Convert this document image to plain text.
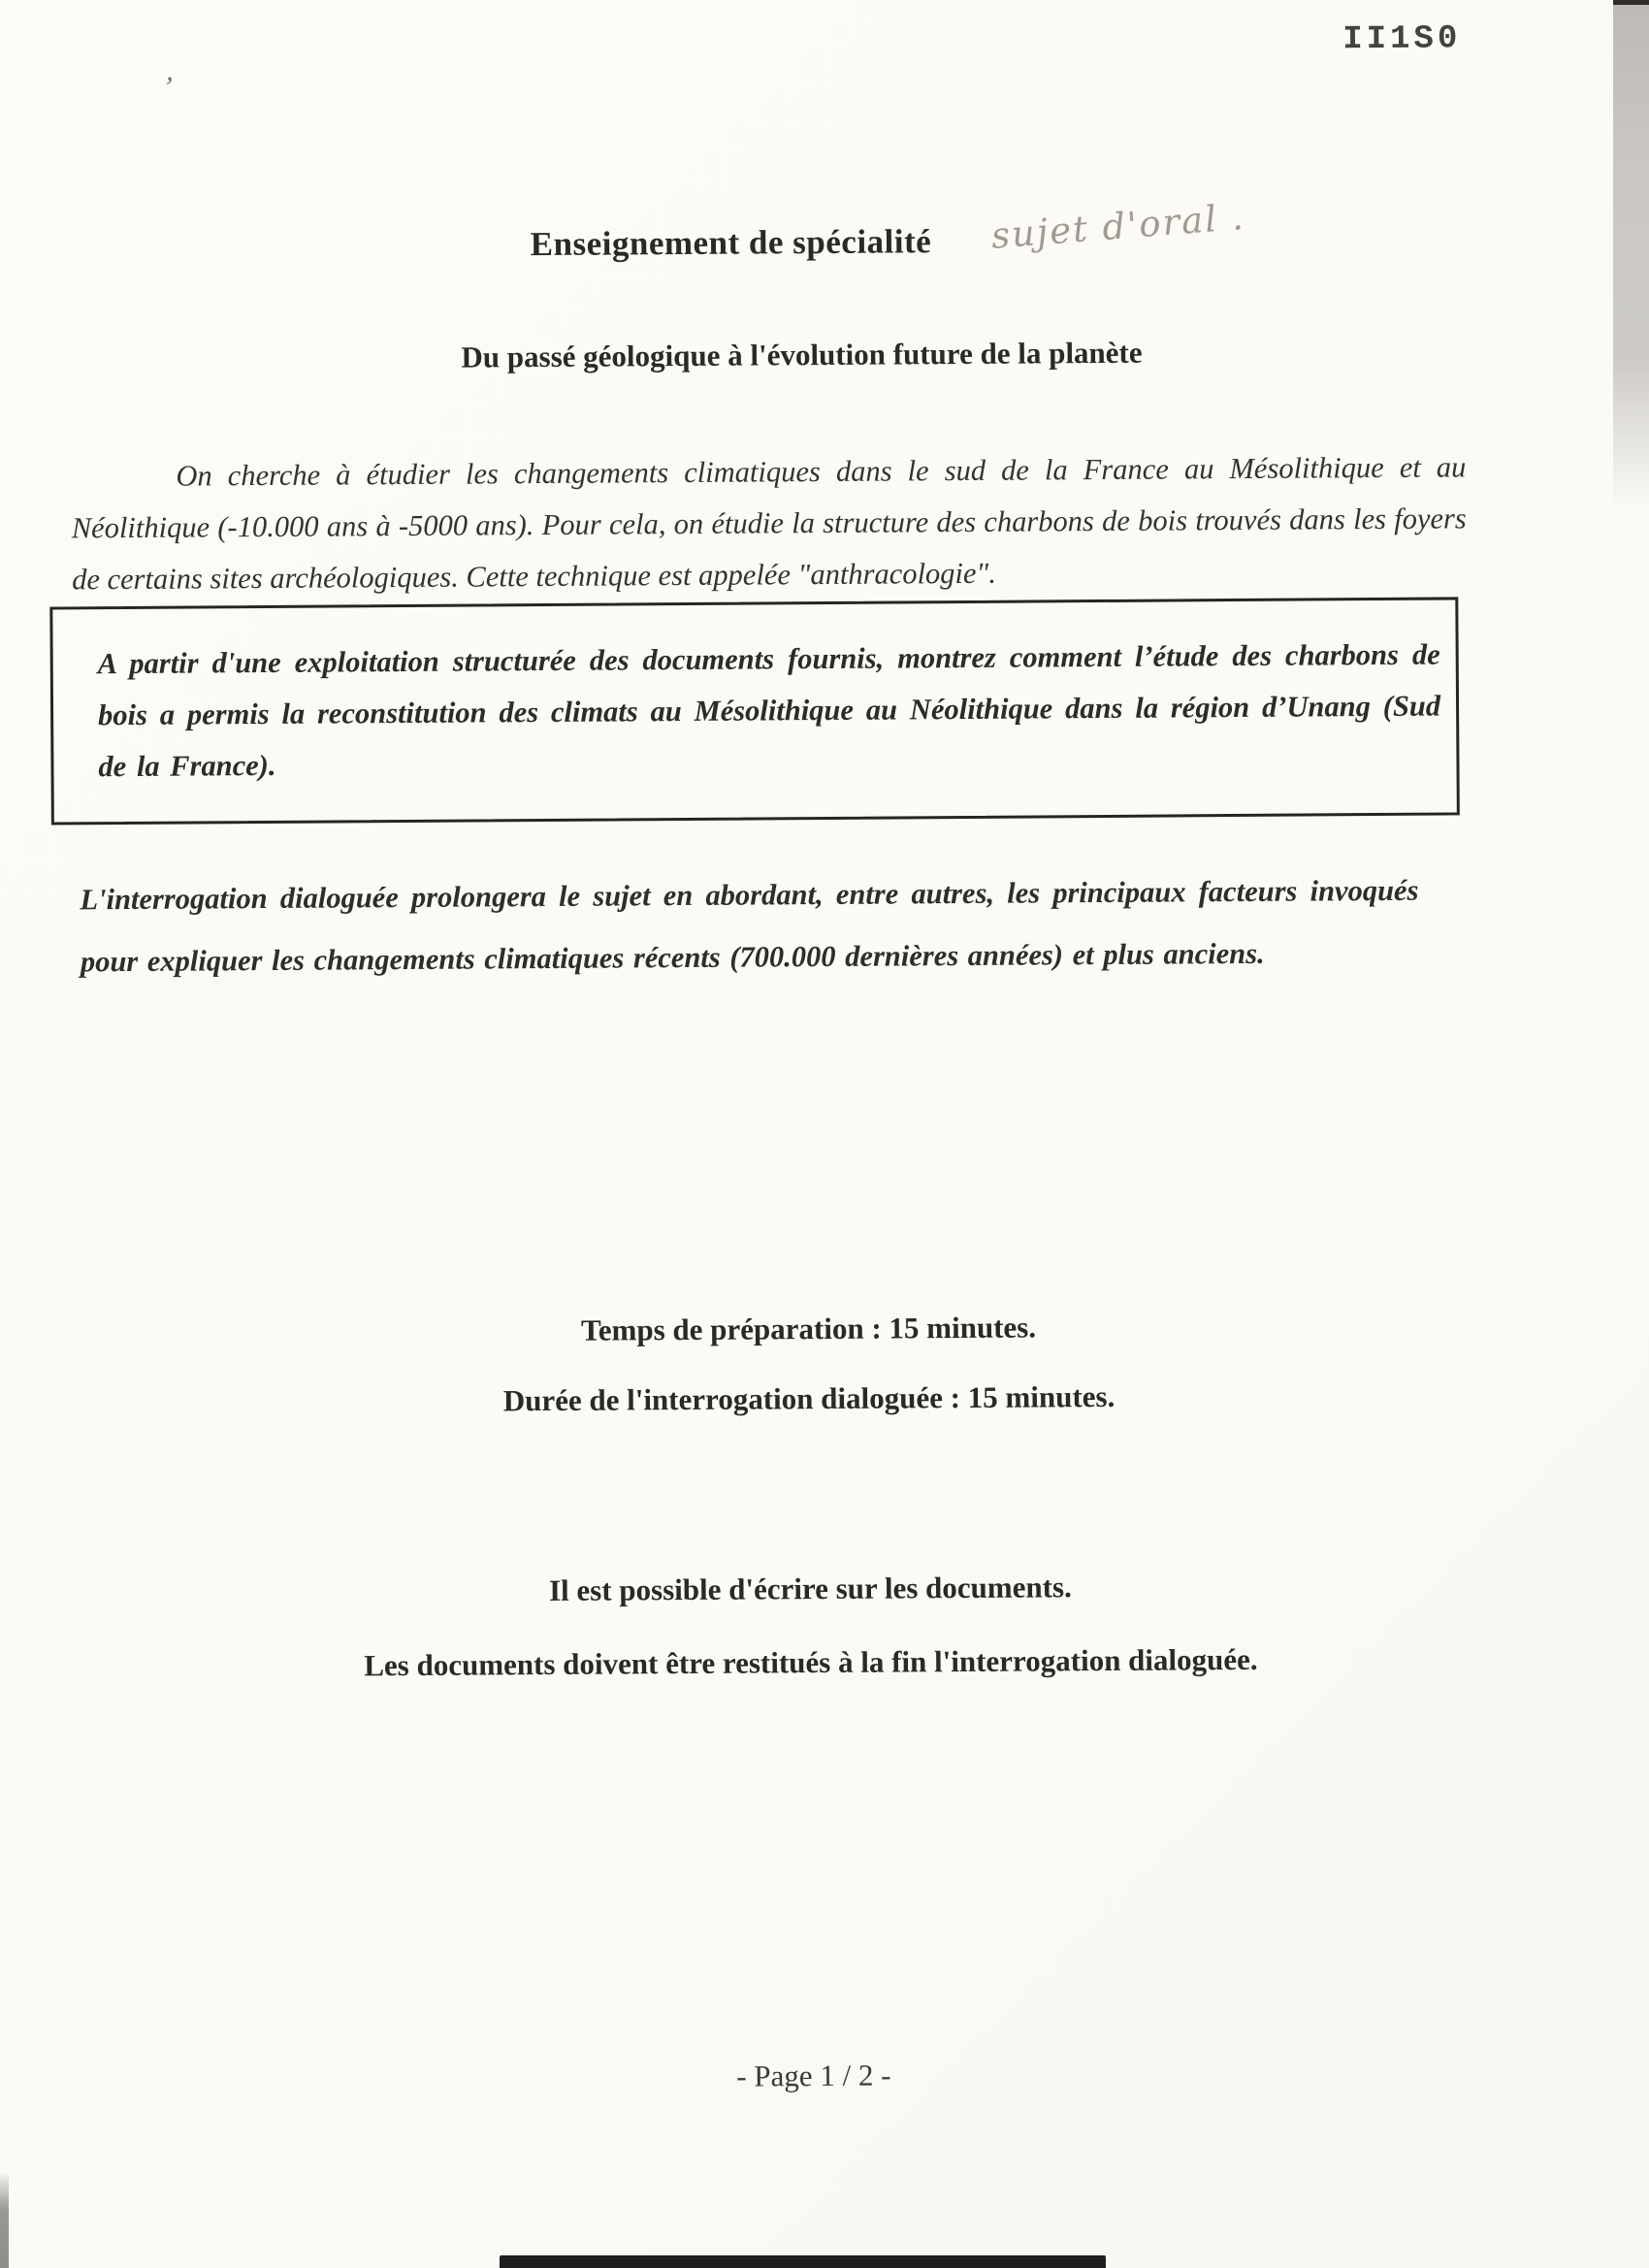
II1S0
,
Enseignement de spécialité sujet d'oral .
Du passé géologique à l'évolution future de la planète
On cherche à étudier les changements climatiques dans le sud de la France au Mésolithique et au Néolithique (-10.000 ans à -5000 ans). Pour cela, on étudie la structure des charbons de bois trouvés dans les foyers de certains sites archéologiques. Cette technique est appelée "anthracologie".
A partir d'une exploitation structurée des documents fournis, montrez comment l’étude des charbons de bois a permis la reconstitution des climats au Mésolithique au Néolithique dans la région d’Unang (Sud de la France).
L'interrogation dialoguée prolongera le sujet en abordant, entre autres, les principaux facteurs invoqués pour expliquer les changements climatiques récents (700.000 dernières années) et plus anciens.
Temps de préparation : 15 minutes.
Durée de l'interrogation dialoguée : 15 minutes.
Il est possible d'écrire sur les documents.
Les documents doivent être restitués à la fin l'interrogation dialoguée.
- Page 1 / 2 -
